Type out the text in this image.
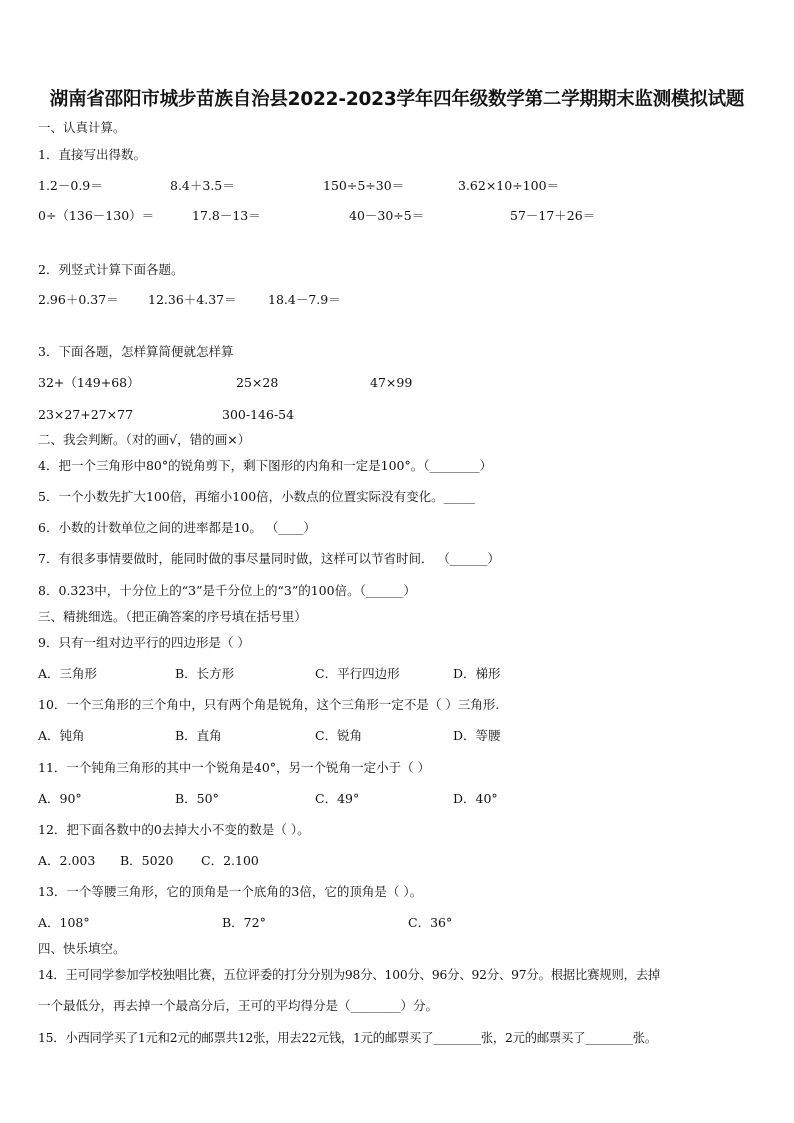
湖南省邵阳市城步苗族自治县2022-2023学年四年级数学第二学期期末监测模拟试题
一、认真计算。
1．直接写出得数。
1.2－0.9＝	8.4＋3.5＝	150÷5÷30＝	3.62×10÷100＝
0÷（136－130）＝	17.8－13＝	40－30÷5＝	57－17＋26＝
2．列竖式计算下面各题。
2.96＋0.37＝ 12.36＋4.37＝	18.4－7.9＝
3．下面各题，怎样算简便就怎样算
32+（149+68）	25×28	47×99
23×27+27×77	300-146-54
二、我会判断。（对的画√，错的画×）
4．把一个三角形中80°的锐角剪下，剩下图形的内角和一定是100°。（________）
5．一个小数先扩大100倍，再缩小100倍，小数点的位置实际没有变化。_____
6．小数的计数单位之间的进率都是10。 （____）
7．有很多事情要做时，能同时做的事尽量同时做，这样可以节省时间． （______）
8．0.323中，十分位上的“3”是千分位上的“3”的100倍。（______）
三、精挑细选。（把正确答案的序号填在括号里）
9．只有一组对边平行的四边形是（ ）
A．三角形	B．长方形	C．平行四边形	D．梯形
10．一个三角形的三个角中，只有两个角是锐角，这个三角形一定不是（ ）三角形.
A．钝角	B．直角	C．锐角	D．等腰
11．一个钝角三角形的其中一个锐角是40°，另一个锐角一定小于（ ）
A．90°	B．50°	C．49°	D．40°
12．把下面各数中的0去掉大小不变的数是（ ）。
A．2.003 B．5020 C．2.100
13．一个等腰三角形，它的顶角是一个底角的3倍，它的顶角是（ ）。
A．108°	B．72°	C．36°
四、快乐填空。
14．王可同学参加学校独唱比赛，五位评委的打分分别为98分、100分、96分、92分、97分。根据比赛规则，去掉
一个最低分，再去掉一个最高分后，王可的平均得分是（________）分。
15．小西同学买了1元和2元的邮票共12张，用去22元钱，1元的邮票买了________张，2元的邮票买了________张。
